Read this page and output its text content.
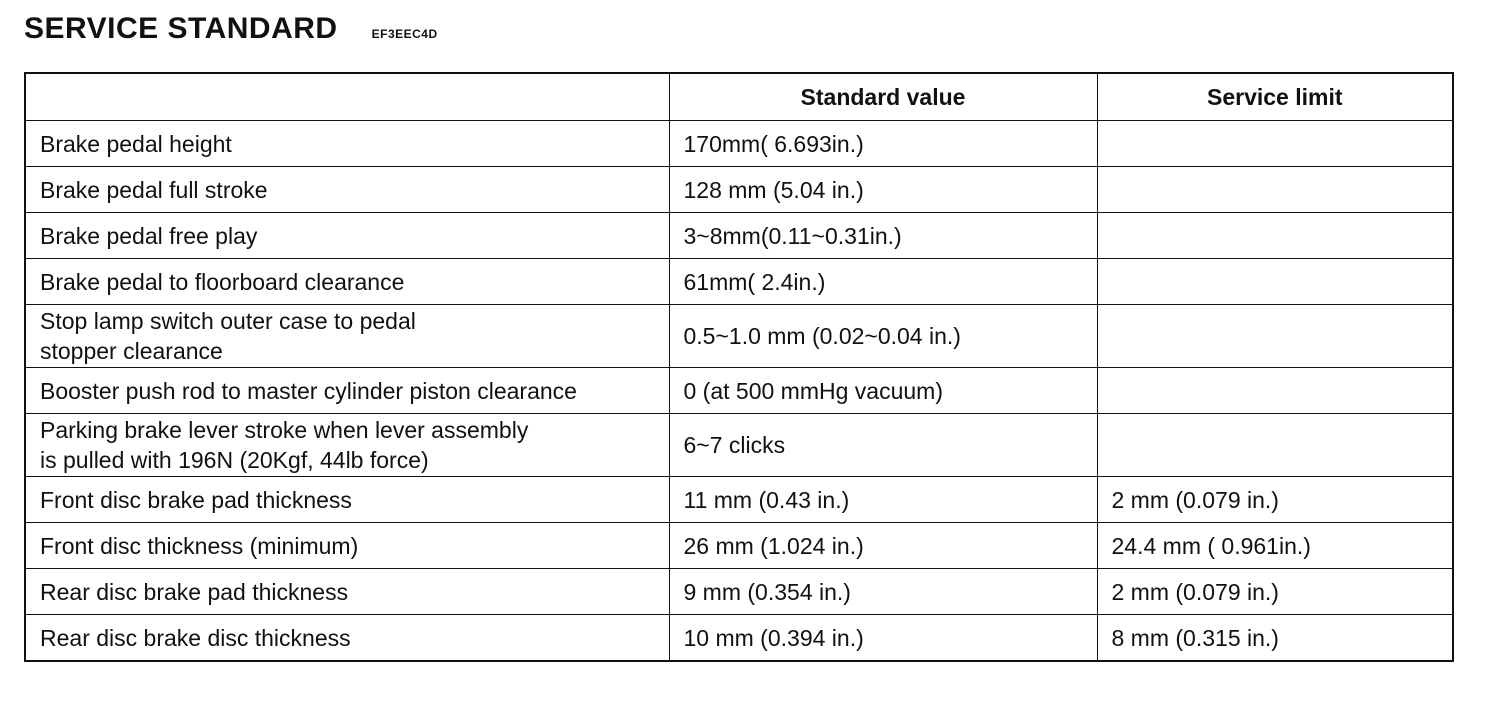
SERVICE STANDARD	EF3EEC4D
	Standard value	Service limit
Brake pedal height	170mm( 6.693in.)	
Brake pedal full stroke	128 mm (5.04 in.)	
Brake pedal free play	3~8mm(0.11~0.31in.)	
Brake pedal to floorboard clearance	61mm( 2.4in.)	

Stop lamp switch outer case to pedal
stopper clearance	0.5~1.0 mm (0.02~0.04 in.)	
Booster push rod to master cylinder piston clearance	0 (at 500 mmHg vacuum)	

Parking brake lever stroke when lever assembly
is pulled with 196N (20Kgf, 44lb force)	6~7 clicks	
Front disc brake pad thickness	11 mm (0.43 in.)	2 mm (0.079 in.)
Front disc thickness (minimum)	26 mm (1.024 in.)	24.4 mm ( 0.961in.)
Rear disc brake pad thickness	9 mm (0.354 in.)	2 mm (0.079 in.)
Rear disc brake disc thickness	10 mm (0.394 in.)	8 mm (0.315 in.)
